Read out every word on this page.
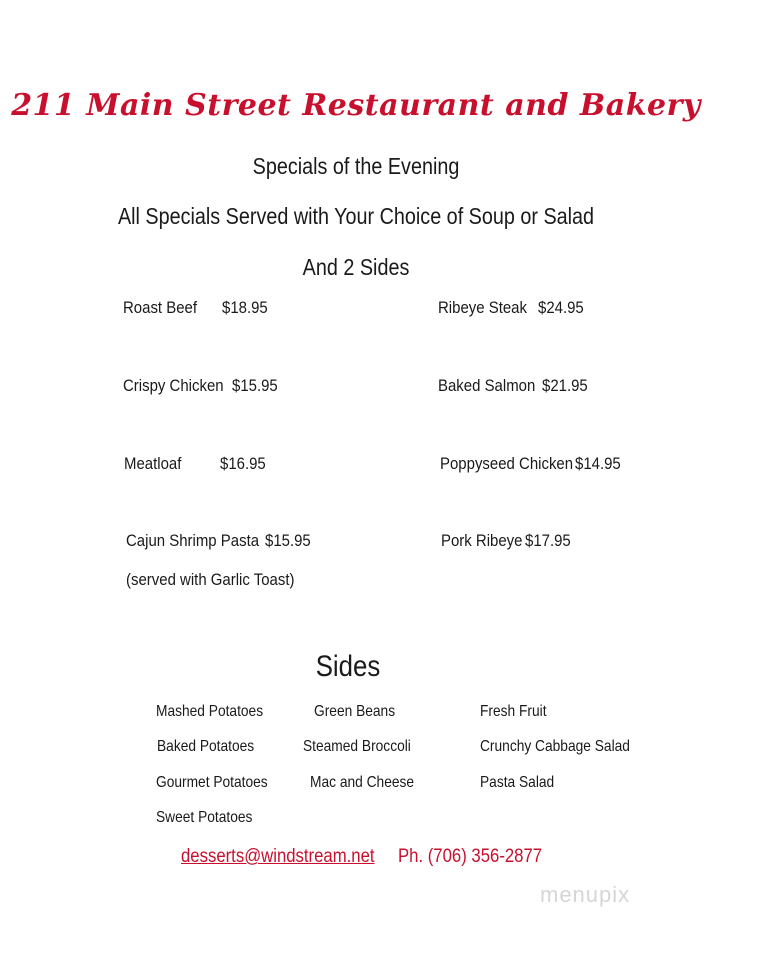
211 Main Street Restaurant and Bakery
Specials of the Evening
All Specials Served with Your Choice of Soup or Salad
And 2 Sides
Roast Beef $18.95
Crispy Chicken $15.95
Meatloaf $16.95
Cajun Shrimp Pasta $15.95
(served with Garlic Toast)
Ribeye Steak $24.95
Baked Salmon $21.95
Poppyseed Chicken $14.95
Pork Ribeye $17.95
Sides
Mashed Potatoes	Green Beans	Fresh Fruit
Baked Potatoes	Steamed Broccoli	Crunchy Cabbage Salad
Gourmet Potatoes	Mac and Cheese	Pasta Salad
Sweet Potatoes
desserts@windstream.net Ph. (706) 356-2877
menupix
